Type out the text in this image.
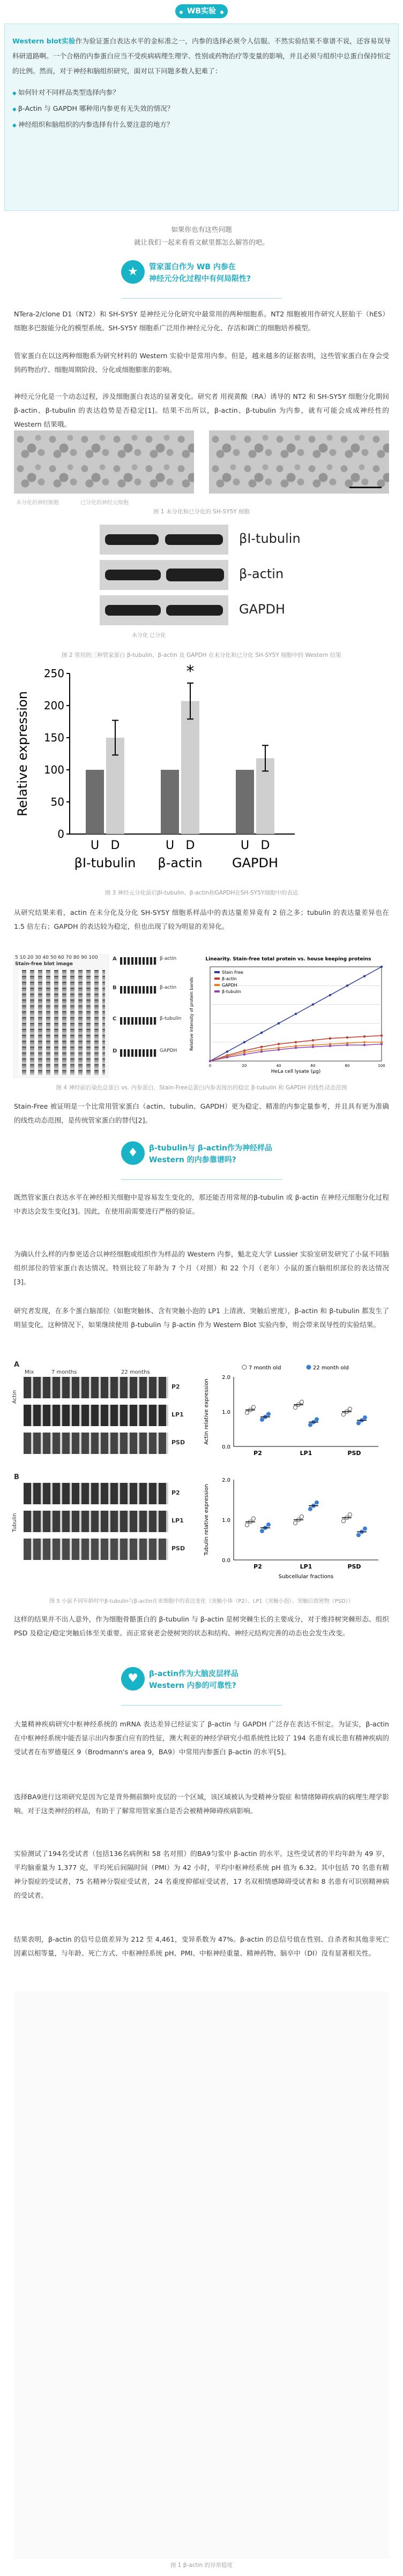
WB实验

Western blot实验作为验证蛋白表达水平的金标准之一，内参的选择必须令人信服。不然实验结果不靠谱不说，还容易误导科研道路啊。一个合格的内参蛋白应当不受疾病病理生理学、性别或药物治疗等变量的影响，并且必须与组织中总蛋白保持恒定的比例。然而，对于神经和脑组织研究，面对以下问题多数人犯难了：

◆ 如何针对不同样品类型选择内参？
◆ β-Actin 与 GAPDH 哪种用内参更有无失效的情况？
◆ 神经组织和脑组织的内参选择有什么要注意的地方？
如果你也有这些问题
就让我们一起来看看文献里都怎么解答的吧。
★	管家蛋白作为 WB 内参在
神经元分化过程中有何局限性?

NTera-2/clone D1（NT2）和 SH-SY5Y 是神经元分化研究中最常用的两种细胞系。NT2 细胞被用作研究人胚胎干（hES）细胞多巴胺能分化的模型系统。SH-SY5Y 细胞系广泛用作神经元分化、存活和调亡的细胞培养模型。

管家蛋白在以这两种细胞系为研究材料的 Western 实验中是常用内参。但是，越来越多的证据表明，这些管家蛋白在身会受到药物治疗、细胞周期阶段、分化或细胞膨胀的影响。

神经元分化是一个动态过程，涉及细胞蛋白表达的显著变化。研究者 用视黄酸（RA）诱导的 NT2 和 SH-SY5Y 细胞分化期间 β-actin、β-tubulin 的表达趋势是否稳定[1]。结果不出所以，β-actin、β-tubulin 为内参，就有可能会成成神经性的 Western 结果哦。

未分化的神经细胞	已分化的神经元细胞
图 1 未分化和已分化的 SH-SY5Y 细胞
βI-tubulin
β-actin
GAPDH
未分化 已分化
图 2 常用的三种管家蛋白 β-tubulin、β-actin 及 GAPDH 在未分化和已分化 SH-SY5Y 细胞中的 Western 结果
0
50
100
150
200
250
Relative expression
U D
βI-tubulin
U D
β-actin
U D
GAPDH
*
图 3 神经元分化前后βI-tubulin、β-actin和GAPDH在SH-SY5Y细胞中的表达

从研究结果来看，actin 在未分化及分化 SH-SY5Y 细胞系样品中的表达量差异竟有 2 倍之多；tubulin 的表达量差异也在 1.5 倍左右；GAPDH 的表达较为稳定，但也出现了较为明显的差异化。

5 10 20 30 40 50 60 70 80 90 100
Stain-free blot image
A	β-actin
B	β-actin
C	β-tubulin
D	GAPDH
Linearity. Stain-free total protein vs. house keeping proteins
Stain Free
β-actin
GAPDH
β-tubulin
HeLa cell lysate (μg)
Relative intensity of protein bands
0	20	40	60	80	100
图 4 神经前后染色总蛋白 vs. 内参蛋白，Stain-Free总蛋白内参表现出的稳定 β-tubulin 和 GAPDH 的线性动态范围

Stain-Free 被证明是一个比常用管家蛋白（actin、tubulin、GAPDH）更为稳定、精准的内参定量参考，并且具有更为准确的线性动态范围，是传统管家蛋白的替代[2]。

♦	β-tubulin与 β-actin作为神经样品
Western 的内参靠谱吗?

既然管家蛋白表达水平在神经相关细胞中是容易发生变化的，那还能否用常规的β-tubulin 或 β-actin 在神经元细胞分化过程中表达会发生变化[3]。因此，在使用前需要进行严格的验证。

为确认什么样的内参更适合以神经细胞或组织作为样品的 Western 内参，魁北克大学 Lussier 实验室研发研究了小鼠不同脑组织部位的管家蛋白表达情况。特别比较了年龄为 7 个月（对照）和 22 个月（老年）小鼠的蛋白脑组织部位的表达情况[3]。

研究者发现，在多个蛋白脑部位（如胞突触体、含有突触小泡的 LP1 上清液、突触后密度），β-actin 和 β-tubulin 都发生了明显变化，这种情况下，如果继续使用 β-tubulin 与 β-actin 作为 Western Blot 实验内参，则会带来误导性的实验结果。

A
Mix	7 months	22 months
Actin
P2
LP1
PSD
B
Tubulin
P2
LP1
PSD
0.0
1.0
2.0
Actin relative expression
P2	LP1	PSD
7 month old	22 month old
0.0
1.0
2.0
Tubulin relative expression
P2	LP1	PSD
Subcellular fractions
图 5 小鼠不同年龄时中β-tubulin与β-actin在亚细胞中的表达变化（突触小体（P2）、LP1（突触小泡）、突触后致密物（PSD））

这样的结果并不出人意外，作为细胞骨骼蛋白的 β-tubulin 与 β-actin 是树突棘生长的主要成分，对于维持树突棘形态、组织 PSD 及稳定/稳定突触后体至关重要。而正常衰老会使树突的状态和结构、神经元结构完善的动态也会发生改变。

♥	β-actin作为大脑皮层样品
Western 内参的可靠性?

大量精神疾病研究中枢神经系统的 mRNA 表达差异已经证实了 β-actin 与 GAPDH 广泛存在表达不恒定。为证实，β-actin 在中枢神经系统中能否显示出内参蛋白应有的性征，澳大利亚的神经学研究小组系统性比较了 194 名患有成长患有精神疾病的受试者在布罗德曼区 9（Brodmann's area 9，BA9）中常用内参蛋白 β-actin 的水平[5]。

选择BA9进行这项研究是因为它是背外侧前额叶皮层的一个区域，该区域被认为受精神分裂症 和情绪障碍疾病的病理生理学影响。对于这类神经的样品，有助于了解常用管家蛋白是否会被精神障碍疾病影响。

实验测试了194名受试者（包括136名病例和 58 名对照）的BA9匀浆中 β-actin 的水平。这些受试者的平均年龄为 49 岁，平均脑重量为 1,377 克，平均死后间隔时间（PMI）为 42 小时，平均中枢神经系统 pH 值为 6.32。其中包括 70 名患有精神分裂症的受试者，75 名精神分裂症受试者，24 名重度抑郁症受试者，17 名双相情感障碍受试者和 8 名患有可识别精神病的受试者。

结果表明，β-actin 的信号总值差异为 212 至 4,461，变异系数为 47%。β-actin 的总信号值在性别、自杀者和其他非死亡因素以相等量，与年龄、死亡方式、中枢神经系统 pH、PMI、中枢神经重量、精神药物、脑卒中（DI）没有显著相关性。

图 1 β-actin 的异常稳度
